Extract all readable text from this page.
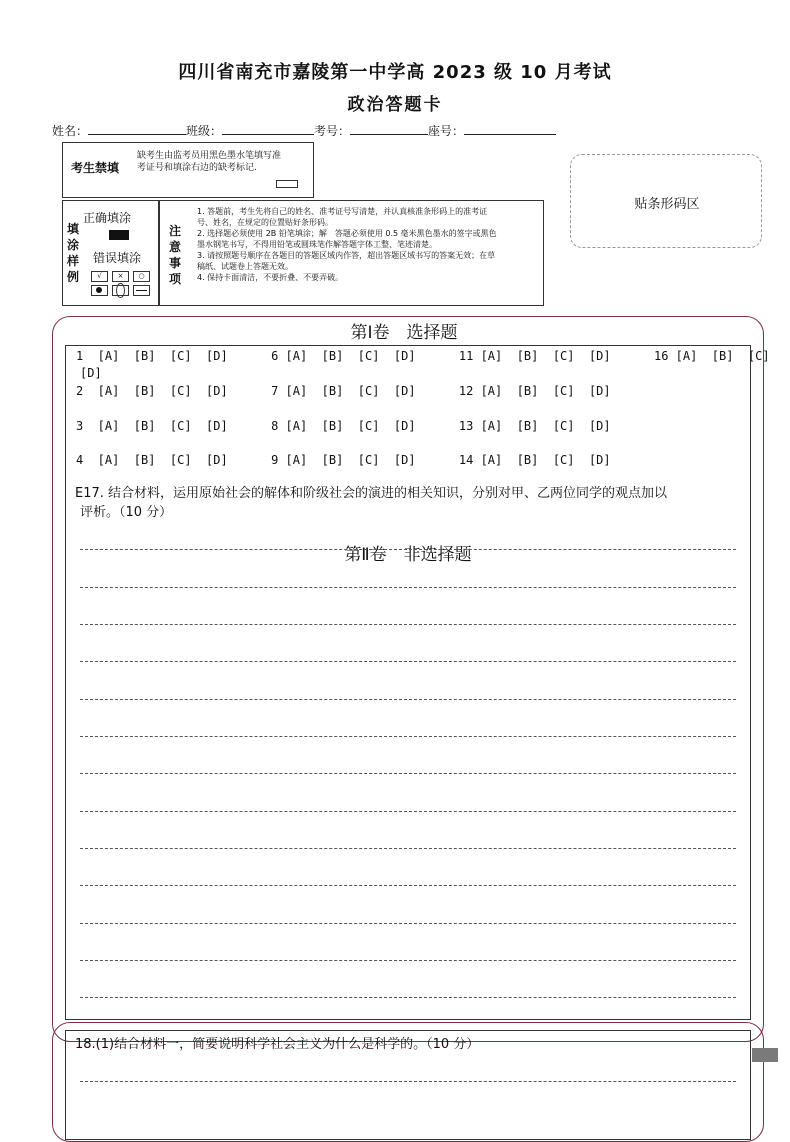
四川省南充市嘉陵第一中学高 2023 级 10 月考试
政治答题卡
姓名：	班级：	考号：	座号：
考生禁填
缺考生由监考员用黑色墨水笔填写准考证号和填涂右边的缺考标记.
填涂样例
正确填涂
错误填涂
√	×	○
注意事项
1. 答题前，考生先将自己的姓名、准考证号写清楚，并认真核准条形码上的准考证号、姓名，在规定的位置贴好条形码。
2. 选择题必须使用 2B 铅笔填涂；解　答题必须使用 0.5 毫米黑色墨水的签字或黑色墨水钢笔书写，不得用铅笔或圆珠笔作解答题字体工整、笔迹清楚。
3. 请按照题号顺序在各题目的答题区域内作答，超出答题区域书写的答案无效；在草稿纸、试题卷上答题无效。
4. 保持卡面清洁，不要折叠、不要弄破。
贴条形码区
第Ⅰ卷　选择题
1  [A]  [B]  [C]  [D]      6 [A]  [B]  [C]  [D]      11 [A]  [B]  [C]  [D]      16 [A]  [B]  [C]
[D]
2  [A]  [B]  [C]  [D]      7 [A]  [B]  [C]  [D]      12 [A]  [B]  [C]  [D]
3  [A]  [B]  [C]  [D]      8 [A]  [B]  [C]  [D]      13 [A]  [B]  [C]  [D]
4  [A]  [B]  [C]  [D]      9 [A]  [B]  [C]  [D]      14 [A]  [B]  [C]  [D]
E17. 结合材料，运用原始社会的解体和阶级社会的演进的相关知识，分别对甲、乙两位同学的观点加以
评析。（10 分）
第Ⅱ卷　非选择题
18.(1)结合材料一，简要说明科学社会主义为什么是科学的。（10 分）
